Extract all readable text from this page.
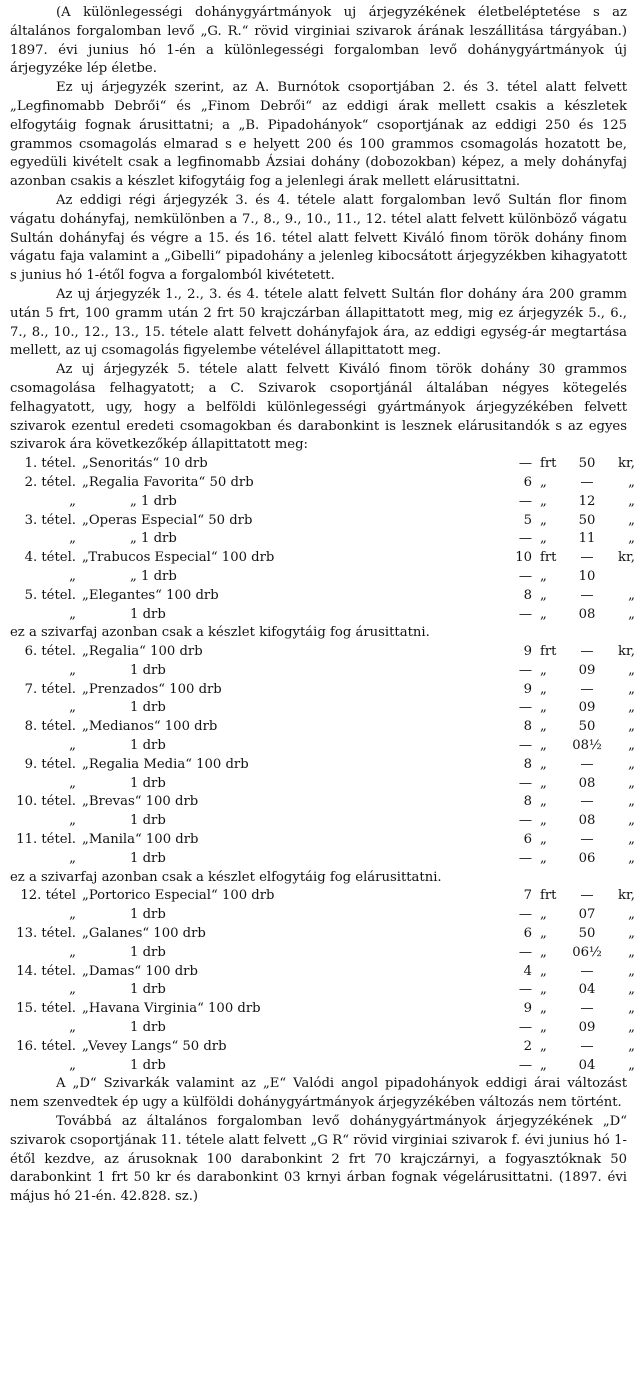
(A különlegességi dohánygyártmányok uj árjegyzékének életbeléptetése s az általános forgalomban levő „G. R.“ rövid virginiai szivarok árának leszállitása tárgyában.) 1897. évi junius hó 1-én a különlegességi forgalomban levő dohánygyártmányok új árjegyzéke lép életbe.

Ez uj árjegyzék szerint, az A. Burnótok csoportjában 2. és 3. tétel alatt felvett „Legfinomabb Debrői“ és „Finom Debrői“ az eddigi árak mellett csakis a készletek elfogytáig fognak árusittatni; a „B. Pipadohányok“ csoportjának az eddigi 250 és 125 grammos csomagolás elmarad s e helyett 200 és 100 grammos csomagolás hozatott be, egyedüli kivételt csak a legfinomabb Ázsiai dohány (dobozokban) képez, a mely dohányfaj azonban csakis a készlet kifogytáig fog a jelenlegi árak mellett elárusittatni.

Az eddigi régi árjegyzék 3. és 4. tétele alatt forgalomban levő Sultán flor finom vágatu dohányfaj, nemkülönben a 7., 8., 9., 10., 11., 12. tétel alatt felvett különböző vágatu Sultán dohányfaj és végre a 15. és 16. tétel alatt felvett Kiváló finom török dohány finom vágatu faja valamint a „Gibelli“ pipadohány a jelenleg kibocsátott árjegyzékben kihagyatott s junius hó 1-étől fogva a forgalomból kivétetett.

Az uj árjegyzék 1., 2., 3. és 4. tétele alatt felvett Sultán flor dohány ára 200 gramm után 5 frt, 100 gramm után 2 frt 50 krajczárban állapittatott meg, mig ez árjegyzék 5., 6., 7., 8., 10., 12., 13., 15. tétele alatt felvett dohányfajok ára, az eddigi egység-ár megtartása mellett, az uj csomagolás figyelembe vételével állapittatott meg.

Az uj árjegyzék 5. tétele alatt felvett Kiváló finom török dohány 30 grammos csomagolása felhagyatott; a C. Szivarok csoportjánál általában négyes kötegelés felhagyatott, ugy, hogy a belföldi különlegességi gyártmányok árjegyzékében felvett szivarok ezentul eredeti csomagokban és darabonkint is lesznek elárusitandók s az egyes szivarok ára következőkép állapittatott meg:

1. tétel. „Senoritás“ 10 drb	— frt	50	kr,
2. tétel. „Regalia Favorita“ 50 drb	6 „	—	„
„	„ 1 drb	— „	12	„
3. tétel. „Operas Especial“ 50 drb	5 „	50	„
„	„ 1 drb	— „	11	„
4. tétel. „Trabucos Especial“ 100 drb	10 frt	—	kr,
„	„ 1 drb	— „	10
5. tétel. „Elegantes“ 100 drb	8 „	—	„
„	1 drb	— „	08	„

ez a szivarfaj azonban csak a készlet kifogytáig fog árusittatni.

6. tétel. „Regalia“ 100 drb	9 frt	—	kr,
„	1 drb	— „	09	„
7. tétel. „Prenzados“ 100 drb	9 „	—	„
„	1 drb	— „	09	„
8. tétel. „Medianos“ 100 drb	8 „	50	„
„	1 drb	— „	08½	„
9. tétel. „Regalia Media“ 100 drb	8 „	—	„
„	1 drb	— „	08	„
10. tétel. „Brevas“ 100 drb	8 „	—	„
„	1 drb	— „	08	„
11. tétel. „Manila“ 100 drb	6 „	—	„
„	1 drb	— „	06	„

ez a szivarfaj azonban csak a készlet elfogytáig fog elárusittatni.

12. tétel „Portorico Especial“ 100 drb	7 frt	—	kr,
„	1 drb	— „	07	„
13. tétel. „Galanes“ 100 drb	6 „	50	„
„	1 drb	— „	06½	„
14. tétel. „Damas“ 100 drb	4 „	—	„
„	1 drb	— „	04	„
15. tétel. „Havana Virginia“ 100 drb	9 „	—	„
„	1 drb	— „	09	„
16. tétel. „Vevey Langs“ 50 drb	2 „	—	„
„	1 drb	— „	04	„

A „D“ Szivarkák valamint az „E“ Valódi angol pipadohányok eddigi árai változást nem szenvedtek ép ugy a külföldi dohánygyártmányok árjegyzékében változás nem történt.

Továbbá az általános forgalomban levő dohánygyártmányok árjegyzékének „D“ szivarok csoportjának 11. tétele alatt felvett „G R“ rövid virginiai szivarok f. évi junius hó 1-étől kezdve, az árusoknak 100 darabonkint 2 frt 70 krajczárnyi, a fogyasztóknak 50 darabonkint 1 frt 50 kr és darabonkint 03 krnyi árban fognak végelárusittatni. (1897. évi május hó 21-én. 42.828. sz.)
